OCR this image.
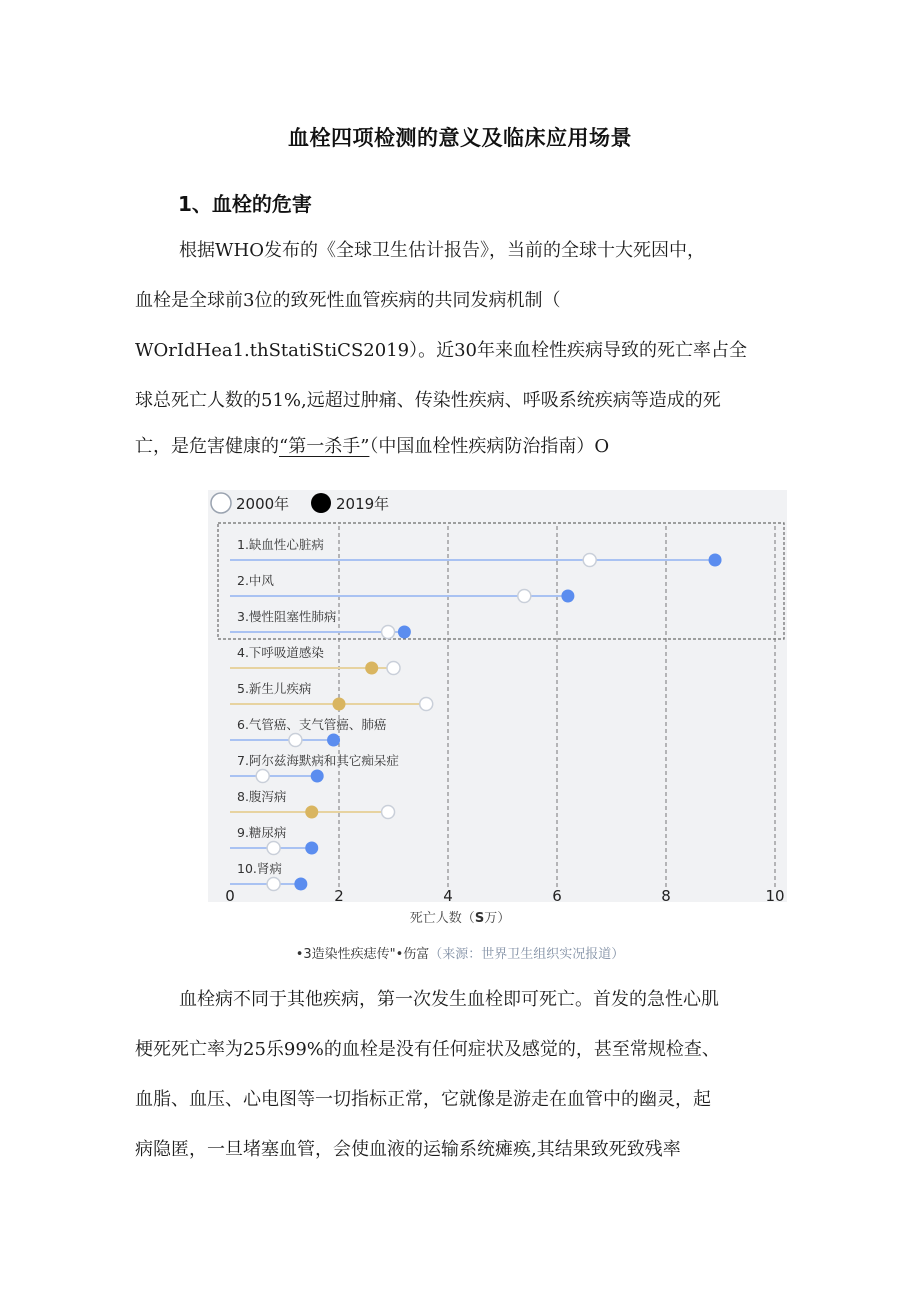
血栓四项检测的意义及临床应用场景
1、血栓的危害
根据WHO发布的《全球卫生估计报告》，当前的全球十大死因中，
血栓是全球前3位的致死性血管疾病的共同发病机制（
WOrIdHea1.thStatiStiCS2019）。近30年来血栓性疾病导致的死亡率占全
球总死亡人数的51%,远超过肿痛、传染性疾病、呼吸系统疾病等造成的死
亡，是危害健康的“第一杀手”（中国血栓性疾病防治指南）O
1.缺血性心脏病
2.中风
3.慢性阻塞性肺病
4.下呼吸道感染
5.新生儿疾病
6.气管癌、支气管癌、肺癌
7.阿尔兹海默病和其它痴呆症
8.腹泻病
9.糖尿病
10.肾病
0	2	4	6	8	10
2000年	2019年
死亡人数（S万）
•3造染性疾痣传"•伤富（来源：世界卫生组织实况报道）
血栓病不同于其他疾病，第一次发生血栓即可死亡。首发的急性心肌
梗死死亡率为25乐99%的血栓是没有任何症状及感觉的，甚至常规检查、
血脂、血压、心电图等一切指标正常，它就像是游走在血管中的幽灵，起
病隐匿，一旦堵塞血管，会使血液的运输系统瘫痪,其结果致死致残率
